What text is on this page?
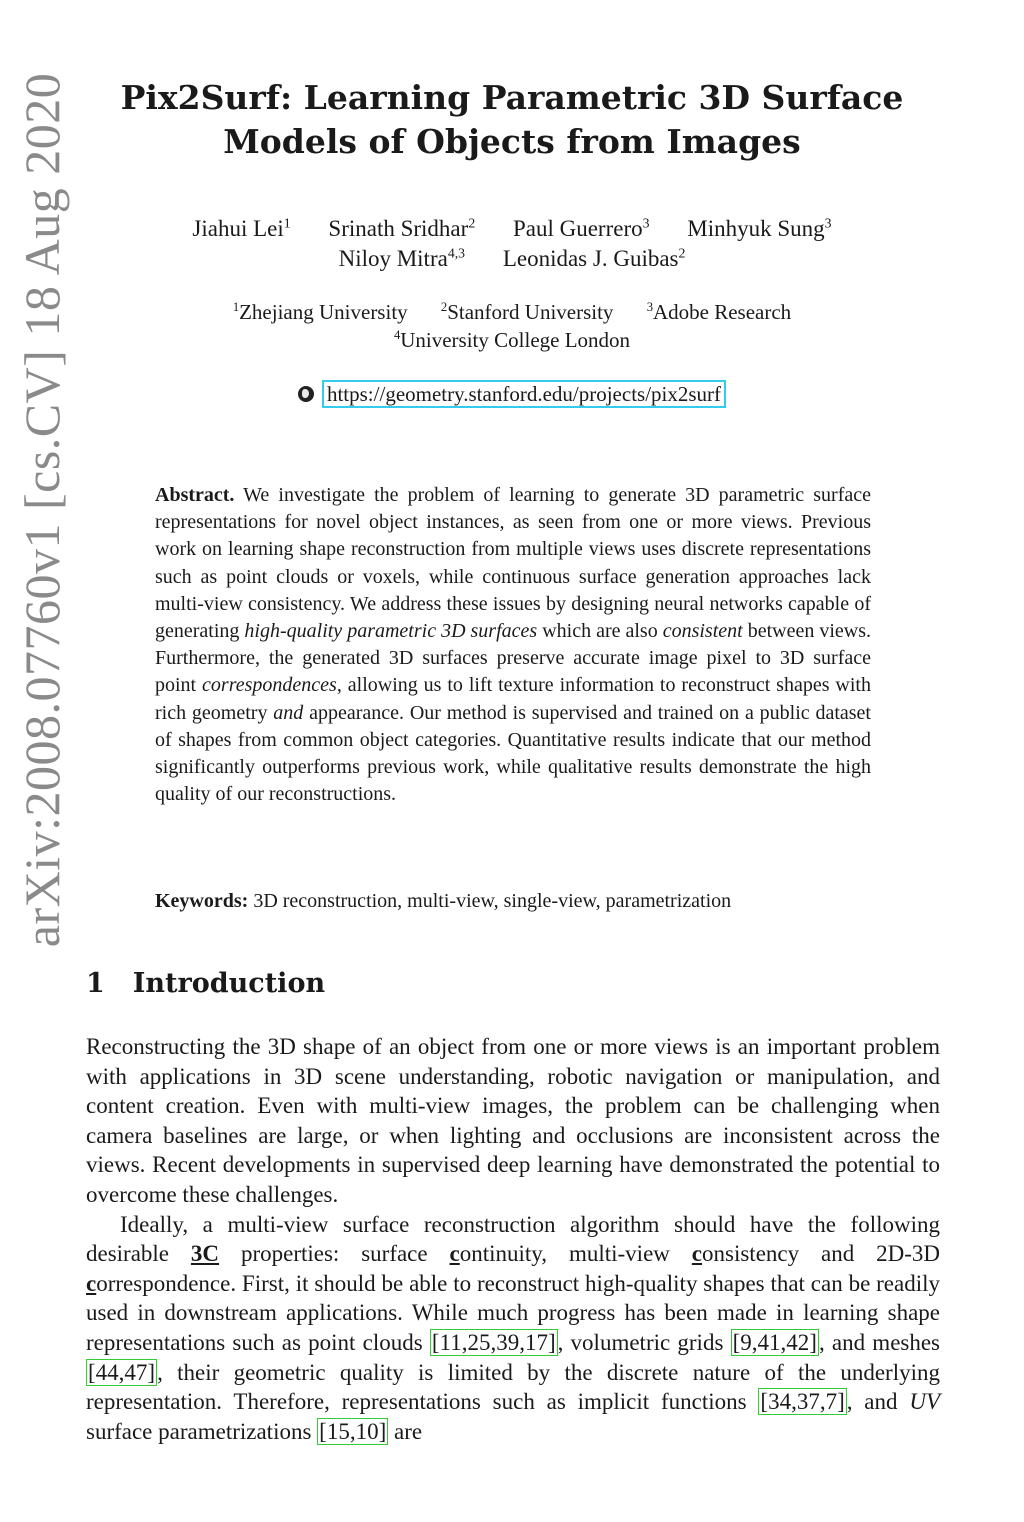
arXiv:2008.07760v1 [cs.CV] 18 Aug 2020 Pix2Surf: Learning Parametric 3D Surface
Models of Objects from Images
Jiahui Lei$^1$ Srinath Sridhar$^2$ Paul Guerrero$^3$ Minhyuk Sung$^3$
Niloy Mitra$^{4,3}$ Leonidas J. Guibas$^2$
$^1$Zhejiang University	$^2$Stanford University	$^3$Adobe Research
$^4$University College London
https://geometry.stanford.edu/projects/pix2surf
Abstract. We investigate the problem of learning to generate 3D parametric surface representations for novel object instances, as seen from one or more views. Previous work on learning shape reconstruction from multiple views uses discrete representations such as point clouds or voxels, while continuous surface generation approaches lack multi-view consistency. We address these issues by designing neural networks capable of generating high-quality parametric 3D surfaces which are also consistent between views. Furthermore, the generated 3D surfaces preserve accurate image pixel to 3D surface point correspondences, allowing us to lift texture information to reconstruct shapes with rich geometry and appearance. Our method is supervised and trained on a public dataset of shapes from common object categories. Quantitative results indicate that our method significantly outperforms previous work, while qualitative results demonstrate the high quality of our reconstructions.
Keywords: 3D reconstruction, multi-view, single-view, parametrization
1 Introduction

Reconstructing the 3D shape of an object from one or more views is an important problem with applications in 3D scene understanding, robotic navigation or manipulation, and content creation. Even with multi-view images, the problem can be challenging when camera baselines are large, or when lighting and occlusions are inconsistent across the views. Recent developments in supervised deep learning have demonstrated the potential to overcome these challenges.

Ideally, a multi-view surface reconstruction algorithm should have the following desirable 3C properties: surface continuity, multi-view consistency and 2D-3D correspondence. First, it should be able to reconstruct high-quality shapes that can be readily used in downstream applications. While much progress has been made in learning shape representations such as point clouds [11,25,39,17], volumetric grids [9,41,42], and meshes [44,47], their geometric quality is limited by the discrete nature of the underlying representation. Therefore, representations such as implicit functions [34,37,7], and UV surface parametrizations [15,10] are
